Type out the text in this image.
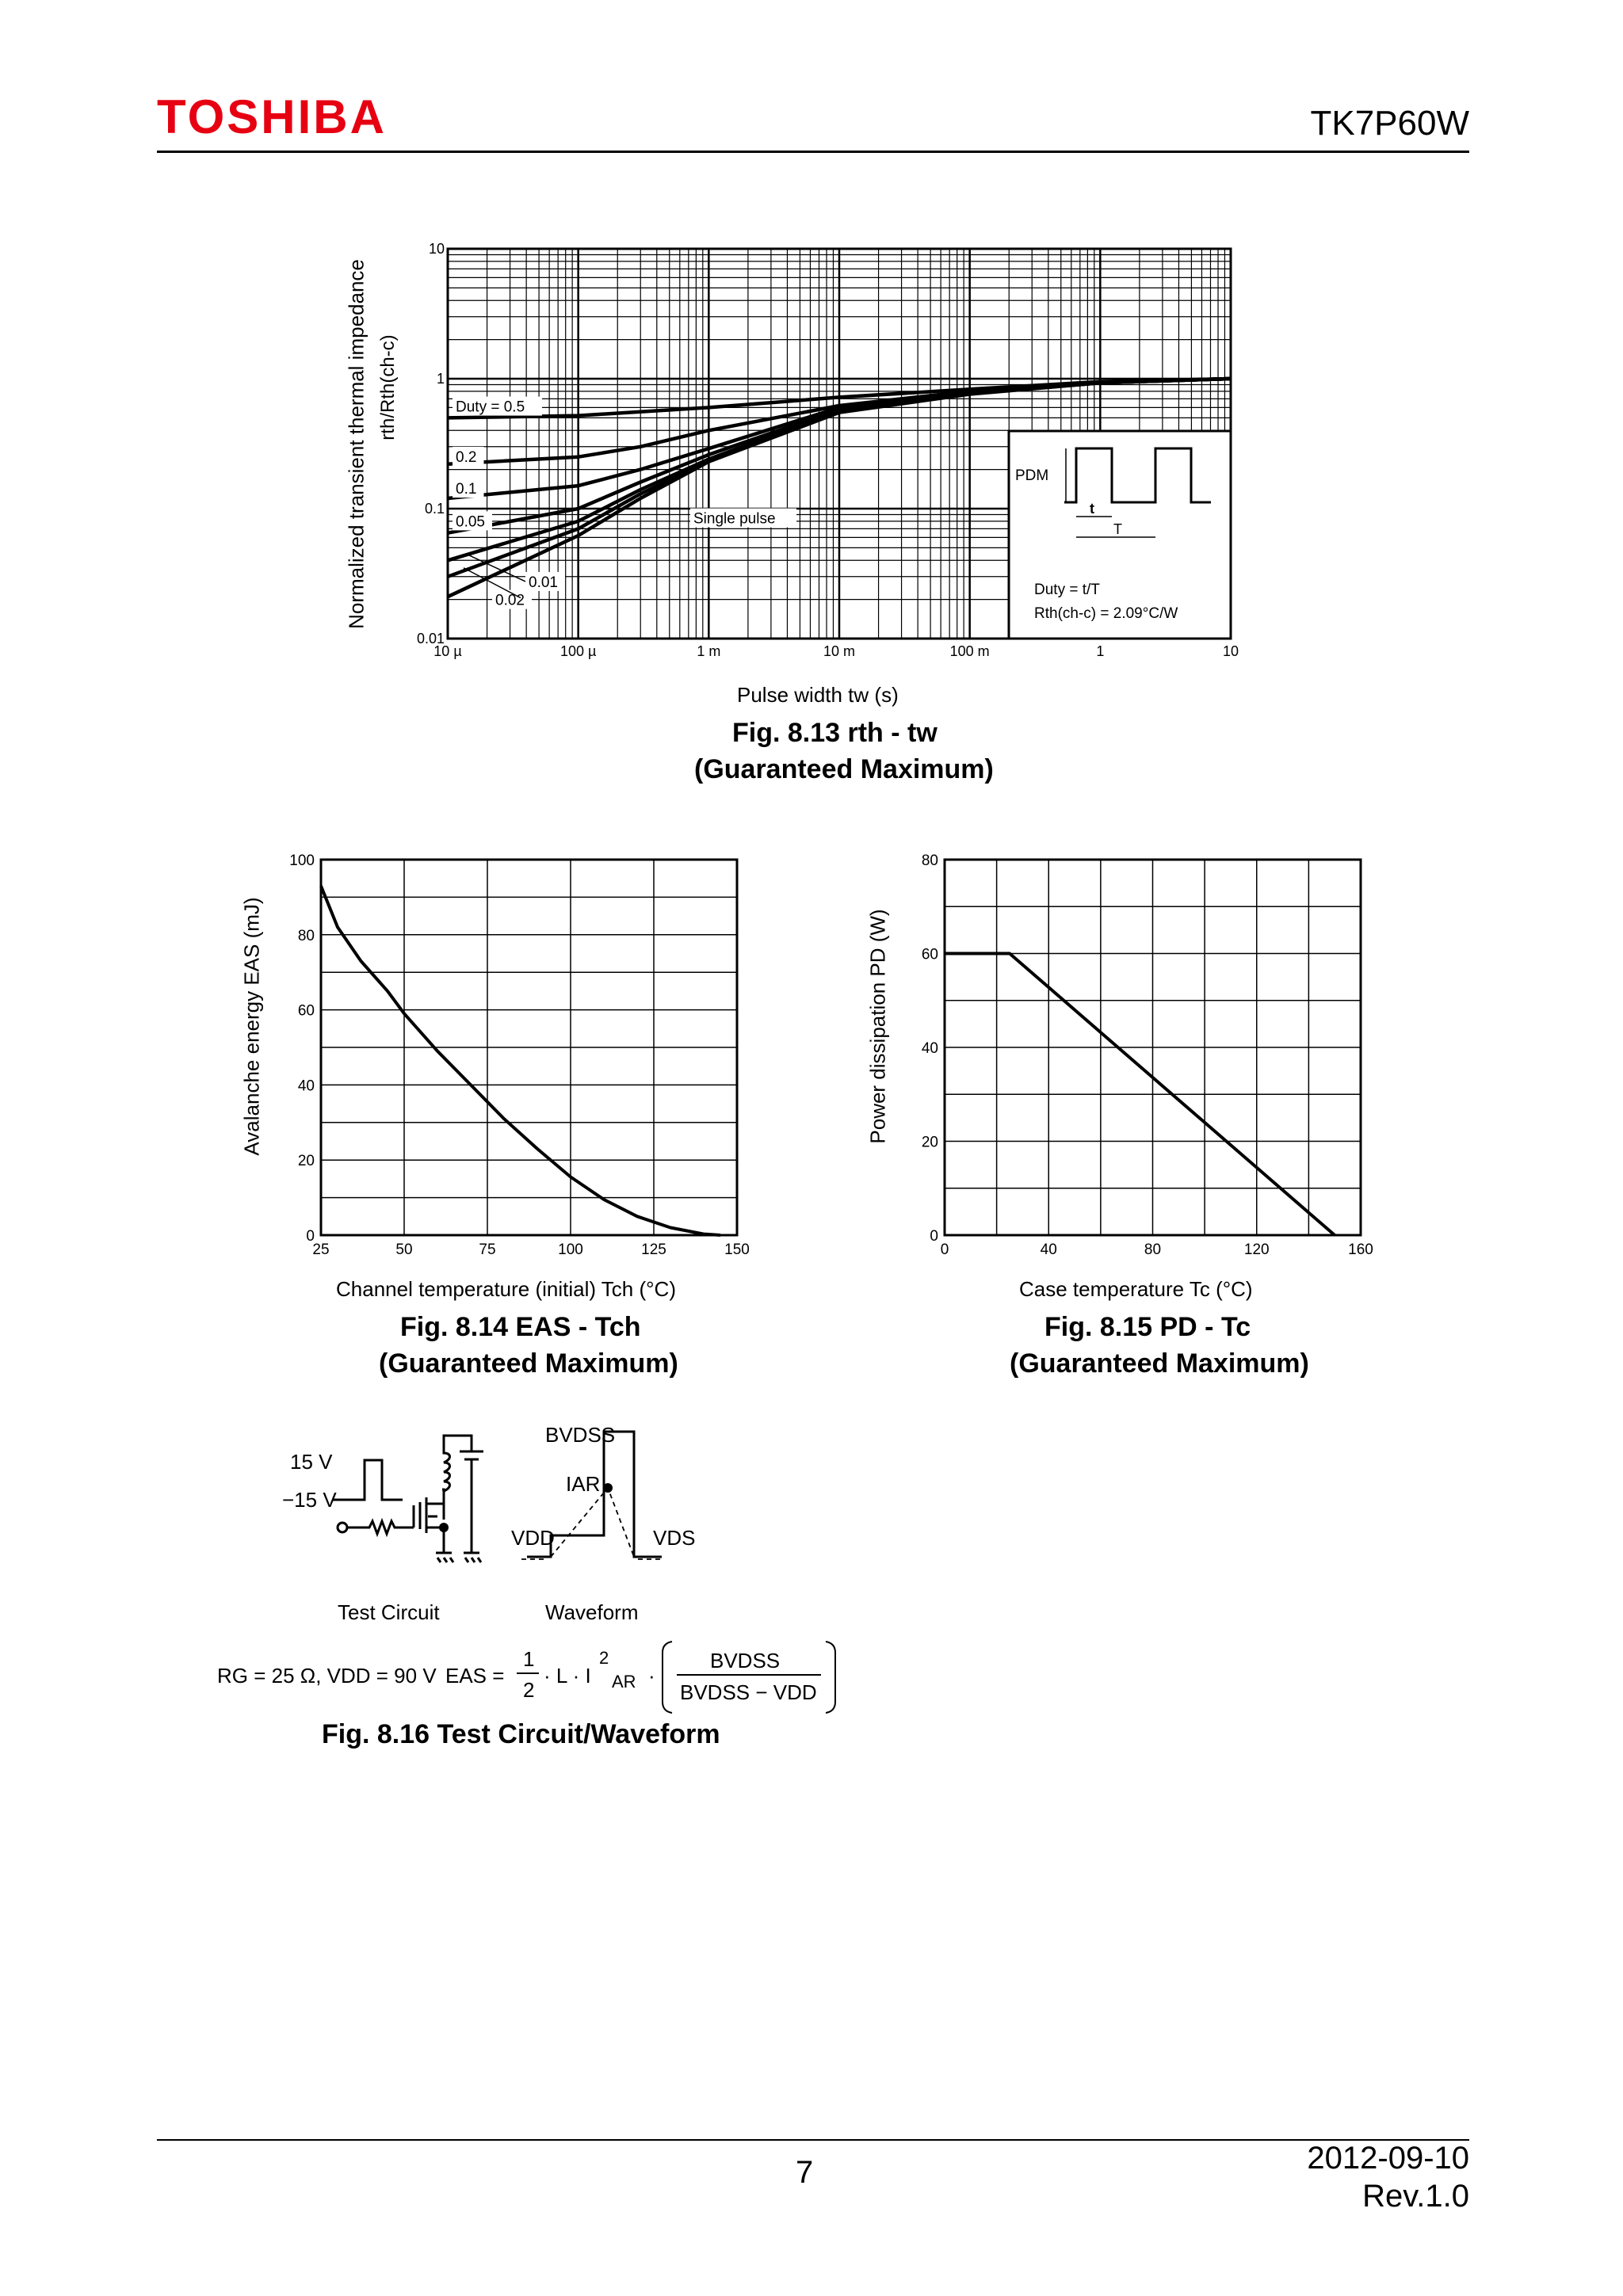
TOSHIBA	TK7P60W
10 µ	100 µ	1 m	10 m	100 m	1	10
0.01
0.1
1
10
Duty = 0.5
0.2
0.1
0.05
0.02
0.01
Single pulse
PDM
t
T
Duty = t/T
Rth(ch-c) = 2.09°C/W
Normalized transient thermal impedance rth/Rth(ch-c)
Pulse width tw (s)
Fig. 8.13 rth - tw
(Guaranteed Maximum)
25	50	75	100	125	150
0
20
40
60
80
100
Avalanche energy EAS (mJ)
Channel temperature (initial) Tch (°C)
Fig. 8.14 EAS - Tch
(Guaranteed Maximum)
0	40	80	120	160
0
20
40
60
80
Power dissipation PD (W)
Case temperature Tc (°C)
Fig. 8.15 PD - Tc
(Guaranteed Maximum)
15 V
−15 V
BVDSS
IAR
VDD	VDS
Test Circuit	Waveform
RG = 25 Ω, VDD = 90 V EAS =
1
2
· L · I
2
AR ·
BVDSS
BVDSS − VDD
Fig. 8.16 Test Circuit/Waveform
7	2012-09-10
Rev.1.0
